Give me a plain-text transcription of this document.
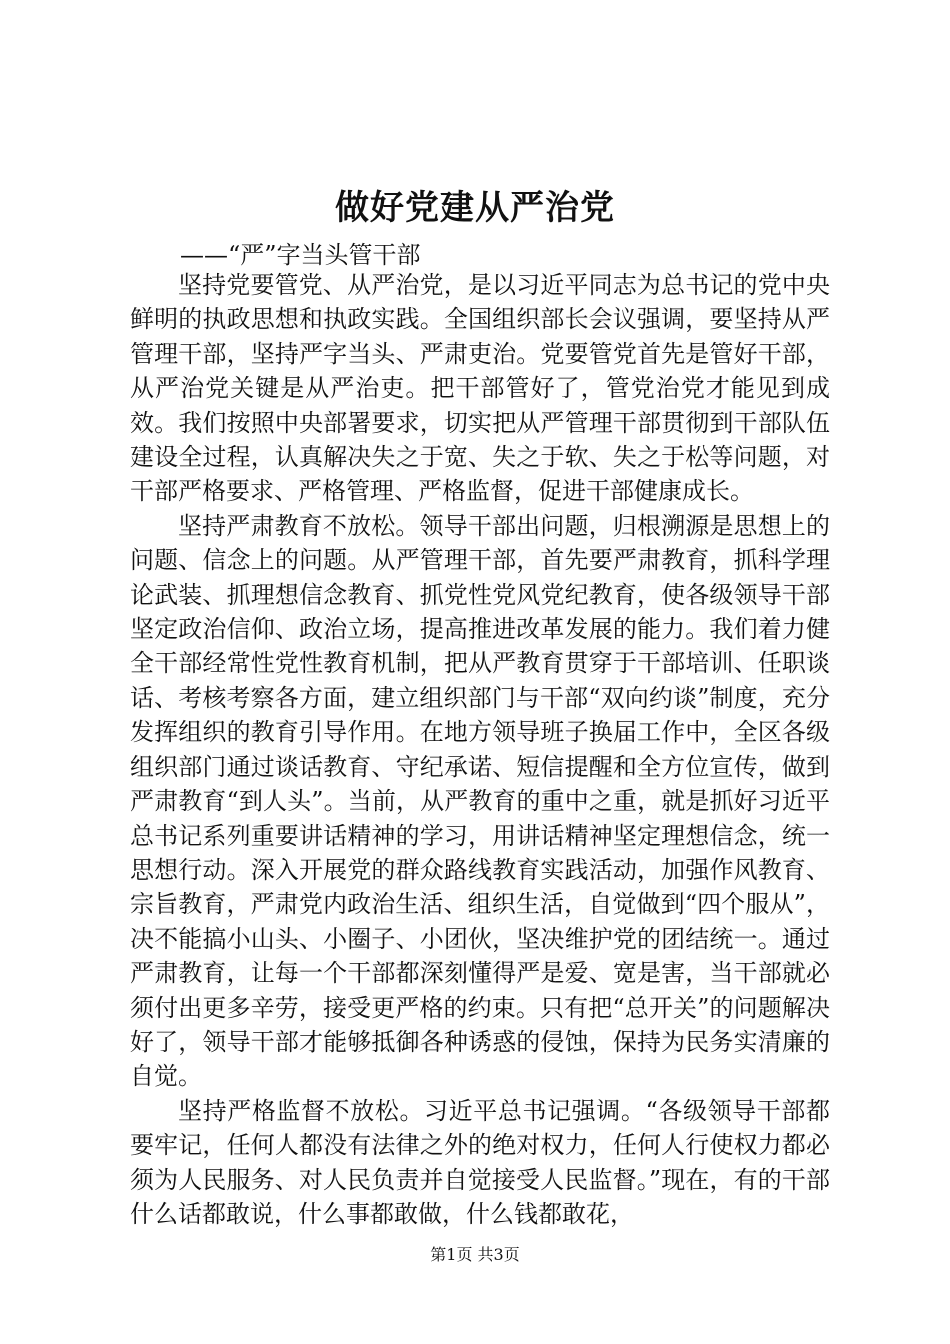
做好党建从严治党
——“严”字当头管干部

坚持党要管党、从严治党，是以习近平同志为总书记的党中央鲜明的执政思想和执政实践。全国组织部长会议强调，要坚持从严管理干部，坚持严字当头、严肃吏治。党要管党首先是管好干部，从严治党关键是从严治吏。把干部管好了，管党治党才能见到成效。我们按照中央部署要求，切实把从严管理干部贯彻到干部队伍建设全过程，认真解决失之于宽、失之于软、失之于松等问题，对干部严格要求、严格管理、严格监督，促进干部健康成长。

坚持严肃教育不放松。领导干部出问题，归根溯源是思想上的问题、信念上的问题。从严管理干部，首先要严肃教育，抓科学理论武装、抓理想信念教育、抓党性党风党纪教育，使各级领导干部坚定政治信仰、政治立场，提高推进改革发展的能力。我们着力健全干部经常性党性教育机制，把从严教育贯穿于干部培训、任职谈话、考核考察各方面，建立组织部门与干部“双向约谈”制度，充分发挥组织的教育引导作用。在地方领导班子换届工作中，全区各级组织部门通过谈话教育、守纪承诺、短信提醒和全方位宣传，做到严肃教育“到人头”。当前，从严教育的重中之重，就是抓好习近平总书记系列重要讲话精神的学习，用讲话精神坚定理想信念，统一思想行动。深入开展党的群众路线教育实践活动，加强作风教育、宗旨教育，严肃党内政治生活、组织生活，自觉做到“四个服从”，决不能搞小山头、小圈子、小团伙，坚决维护党的团结统一。通过严肃教育，让每一个干部都深刻懂得严是爱、宽是害，当干部就必须付出更多辛劳，接受更严格的约束。只有把“总开关”的问题解决好了，领导干部才能够抵御各种诱惑的侵蚀，保持为民务实清廉的自觉。

坚持严格监督不放松。习近平总书记强调。“各级领导干部都要牢记，任何人都没有法律之外的绝对权力，任何人行使权力都必须为人民服务、对人民负责并自觉接受人民监督。”现在，有的干部什么话都敢说，什么事都敢做，什么钱都敢花，

第1页 共3页
